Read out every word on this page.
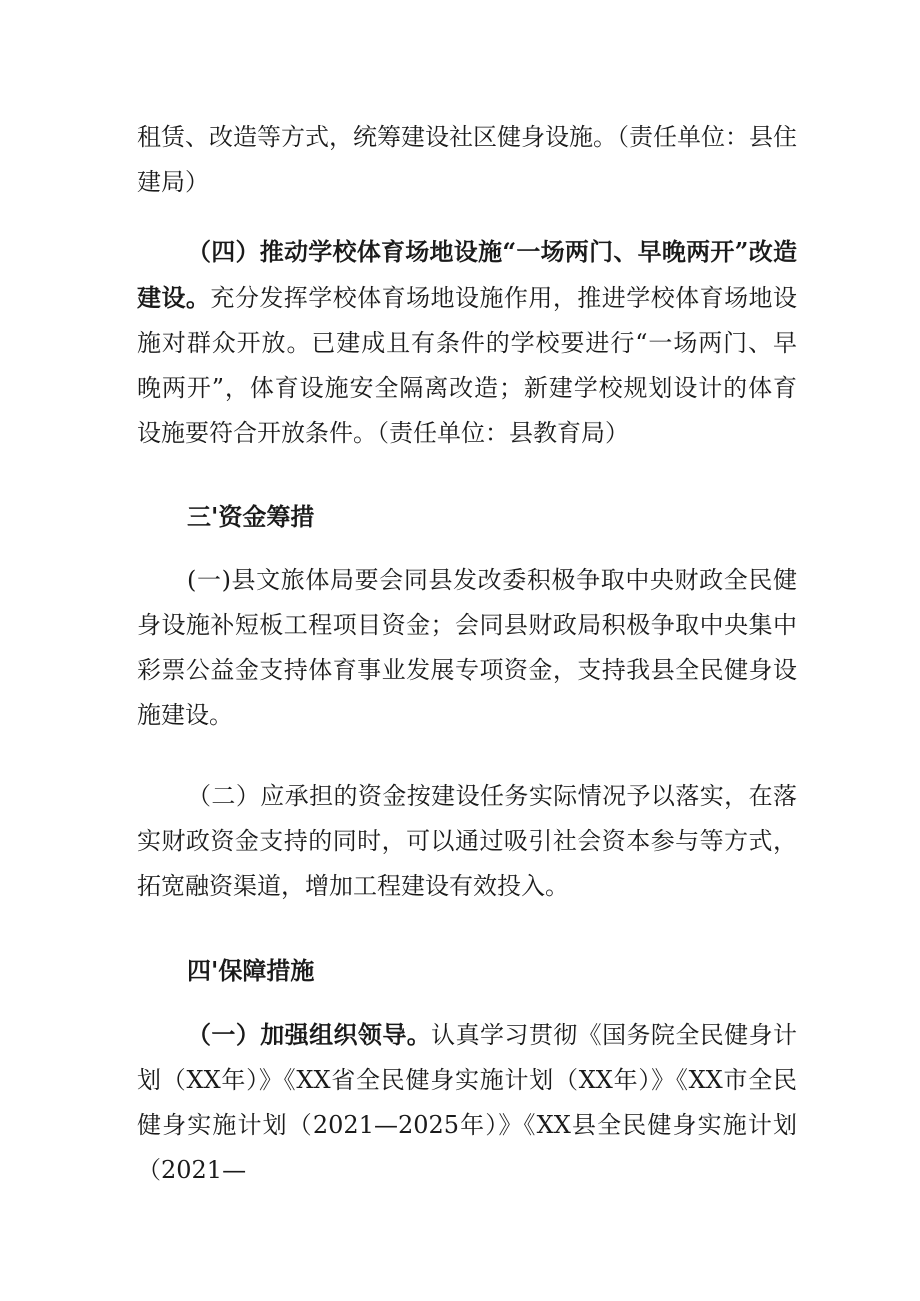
租赁、改造等方式，统筹建设社区健身设施。（责任单位：县住建局）

（四）推动学校体育场地设施“一场两门、早晚两开”改造建设。充分发挥学校体育场地设施作用，推进学校体育场地设施对群众开放。已建成且有条件的学校要进行“一场两门、早晚两开”，体育设施安全隔离改造；新建学校规划设计的体育设施要符合开放条件。（责任单位：县教育局）

三'资金筹措

(一)县文旅体局要会同县发改委积极争取中央财政全民健身设施补短板工程项目资金；会同县财政局积极争取中央集中彩票公益金支持体育事业发展专项资金，支持我县全民健身设施建设。

（二）应承担的资金按建设任务实际情况予以落实，在落实财政资金支持的同时，可以通过吸引社会资本参与等方式，拓宽融资渠道，增加工程建设有效投入。

四'保障措施

（一）加强组织领导。认真学习贯彻《国务院全民健身计划（XX年）》《XX省全民健身实施计划（XX年）》《XX市全民健身实施计划（2021—2025年）》《XX县全民健身实施计划（2021—
